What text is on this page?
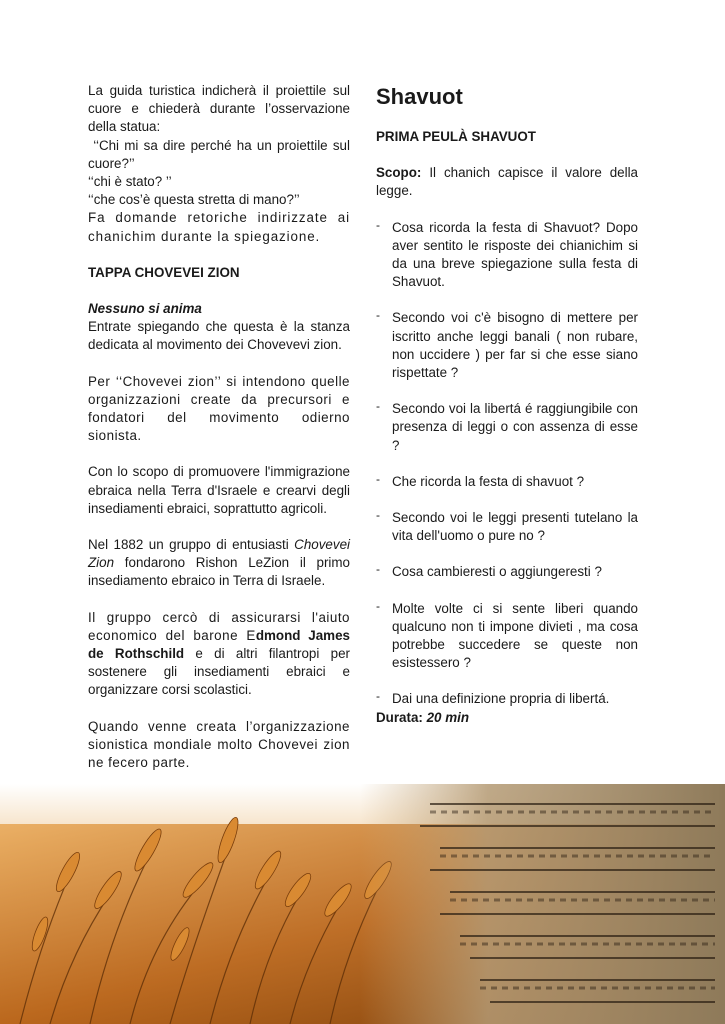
La guida turistica indicherà il proiettile sul cuore e chiederà durante l’osservazione della statua:

‘‘Chi mi sa dire perché ha un proiettile sul cuore?’’

‘‘chi è stato? ’’

‘‘che cos’è questa stretta di mano?’’

Fa domande retoriche indirizzate ai chanichim durante la spiegazione.

TAPPA CHOVEVEI ZION

Nessuno si anima

Entrate spiegando che questa è la stanza dedicata al movimento dei Chovevevi zion.

Per ‘‘Chovevei zion’’ si intendono quelle organizzazioni create da precursori e fondatori del movimento odierno sionista.

Con lo scopo di promuovere l'immigrazione ebraica nella Terra d'Israele e crearvi degli insediamenti ebraici, soprattutto agricoli.

Nel 1882 un gruppo di entusiasti Chovevei Zion fondarono Rishon LeZion il primo insediamento ebraico in Terra di Israele.

Il gruppo cercò di assicurarsi l'aiuto economico del barone Edmond James de Rothschild e di altri filantropi per sostenere gli insediamenti ebraici e organizzare corsi scolastici.

Quando venne creata l’organizzazione sionistica mondiale molto Chovevei zion ne fecero parte.

Shavuot

PRIMA PEULÀ SHAVUOT

Scopo: Il chanich capisce il valore della legge.

- Cosa ricorda la festa di Shavuot? Dopo aver sentito le risposte dei chianichim si da una breve spiegazione sulla festa di Shavuot.
- Secondo voi c'è bisogno di mettere per iscritto anche leggi banali ( non rubare, non uccidere ) per far si che esse siano rispettate ?
- Secondo voi la libertá é raggiungibile con presenza di leggi o con assenza di esse ?
- Che ricorda la festa di shavuot ?
- Secondo voi le leggi presenti tutelano la vita dell'uomo o pure no ?
- Cosa cambieresti o aggiungeresti ?
- Molte volte ci si sente liberi quando qualcuno non ti impone divieti , ma cosa potrebbe succedere se queste non esistessero ?
- Dai una definizione propria di libertá.

Durata: 20 min
